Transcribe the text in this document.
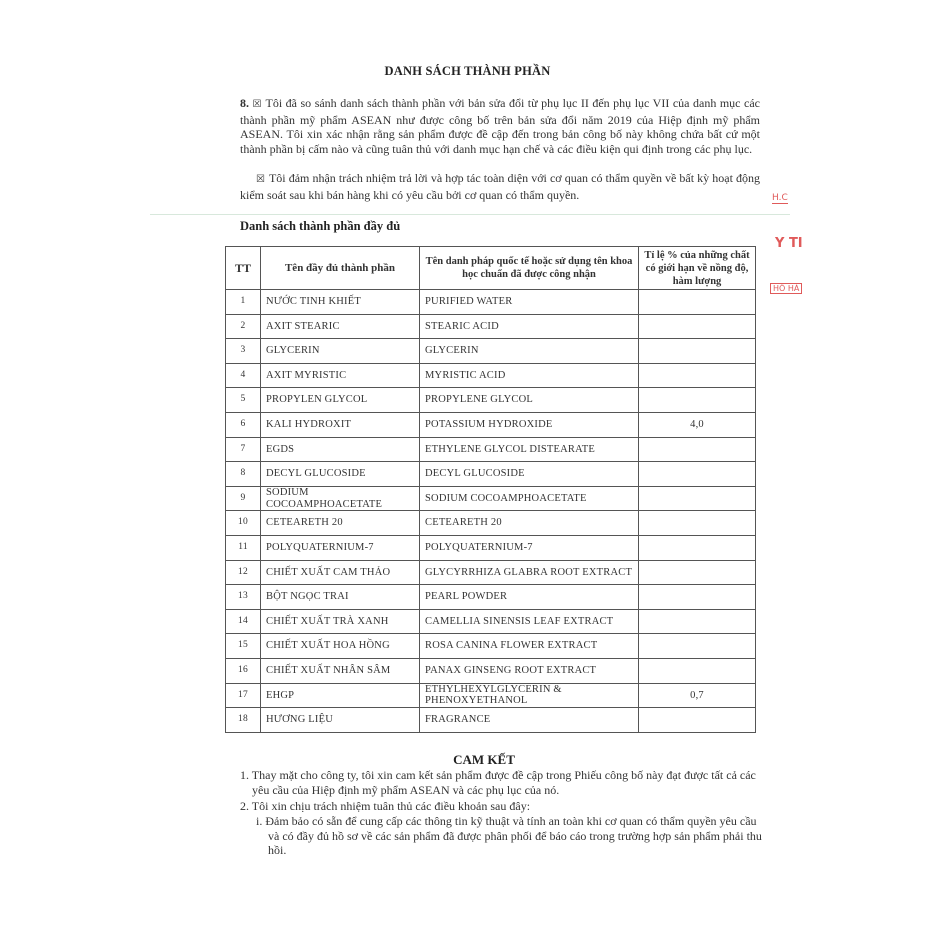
DANH SÁCH THÀNH PHẦN
8. ☒ Tôi đã so sánh danh sách thành phần với bản sửa đổi từ phụ lục II đến phụ lục VII của danh mục các thành phần mỹ phẩm ASEAN như được công bố trên bản sửa đổi năm 2019 của Hiệp định mỹ phẩm ASEAN. Tôi xin xác nhận rằng sản phẩm được đề cập đến trong bản công bố này không chứa bất cứ một thành phần bị cấm nào và cũng tuân thủ với danh mục hạn chế và các điều kiện qui định trong các phụ lục.
☒ Tôi đảm nhận trách nhiệm trả lời và hợp tác toàn diện với cơ quan có thẩm quyền về bất kỳ hoạt động kiểm soát sau khi bán hàng khi có yêu cầu bởi cơ quan có thẩm quyền.
Danh sách thành phần đầy đủ
TT	Tên đầy đủ thành phần	Tên danh pháp quốc tế hoặc sử dụng tên khoa học chuẩn đã được công nhận	Tỉ lệ % của những chất có giới hạn về nồng độ, hàm lượng
1	NƯỚC TINH KHIẾT	PURIFIED WATER	
2	AXIT STEARIC	STEARIC ACID	
3	GLYCERIN	GLYCERIN	
4	AXIT MYRISTIC	MYRISTIC ACID	
5	PROPYLEN GLYCOL	PROPYLENE GLYCOL	
6	KALI HYDROXIT	POTASSIUM HYDROXIDE	4,0
7	EGDS	ETHYLENE GLYCOL DISTEARATE	
8	DECYL GLUCOSIDE	DECYL GLUCOSIDE	
9	SODIUM COCOAMPHOACETATE	SODIUM COCOAMPHOACETATE	
10	CETEARETH 20	CETEARETH 20	
11	POLYQUATERNIUM-7	POLYQUATERNIUM-7	
12	CHIẾT XUẤT CAM THẢO	GLYCYRRHIZA GLABRA ROOT EXTRACT	
13	BỘT NGỌC TRAI	PEARL POWDER	
14	CHIẾT XUẤT TRÀ XANH	CAMELLIA SINENSIS LEAF EXTRACT	
15	CHIẾT XUẤT HOA HỒNG	ROSA CANINA FLOWER EXTRACT	
16	CHIẾT XUẤT NHÂN SÂM	PANAX GINSENG ROOT EXTRACT	
17	EHGP	ETHYLHEXYLGLYCERIN & PHENOXYETHANOL	0,7
18	HƯƠNG LIỆU	FRAGRANCE	
CAM KẾT
1. Thay mặt cho công ty, tôi xin cam kết sản phẩm được đề cập trong Phiếu công bố này đạt được tất cả các yêu cầu của Hiệp định mỹ phẩm ASEAN và các phụ lục của nó.
2. Tôi xin chịu trách nhiệm tuân thủ các điều khoản sau đây:
i. Đảm bảo có sẵn để cung cấp các thông tin kỹ thuật và tính an toàn khi cơ quan có thẩm quyền yêu cầu và có đầy đủ hồ sơ về các sản phẩm đã được phân phối để báo cáo trong trường hợp sản phẩm phải thu hồi.
H.C
Y TI
HÔ HÀ
